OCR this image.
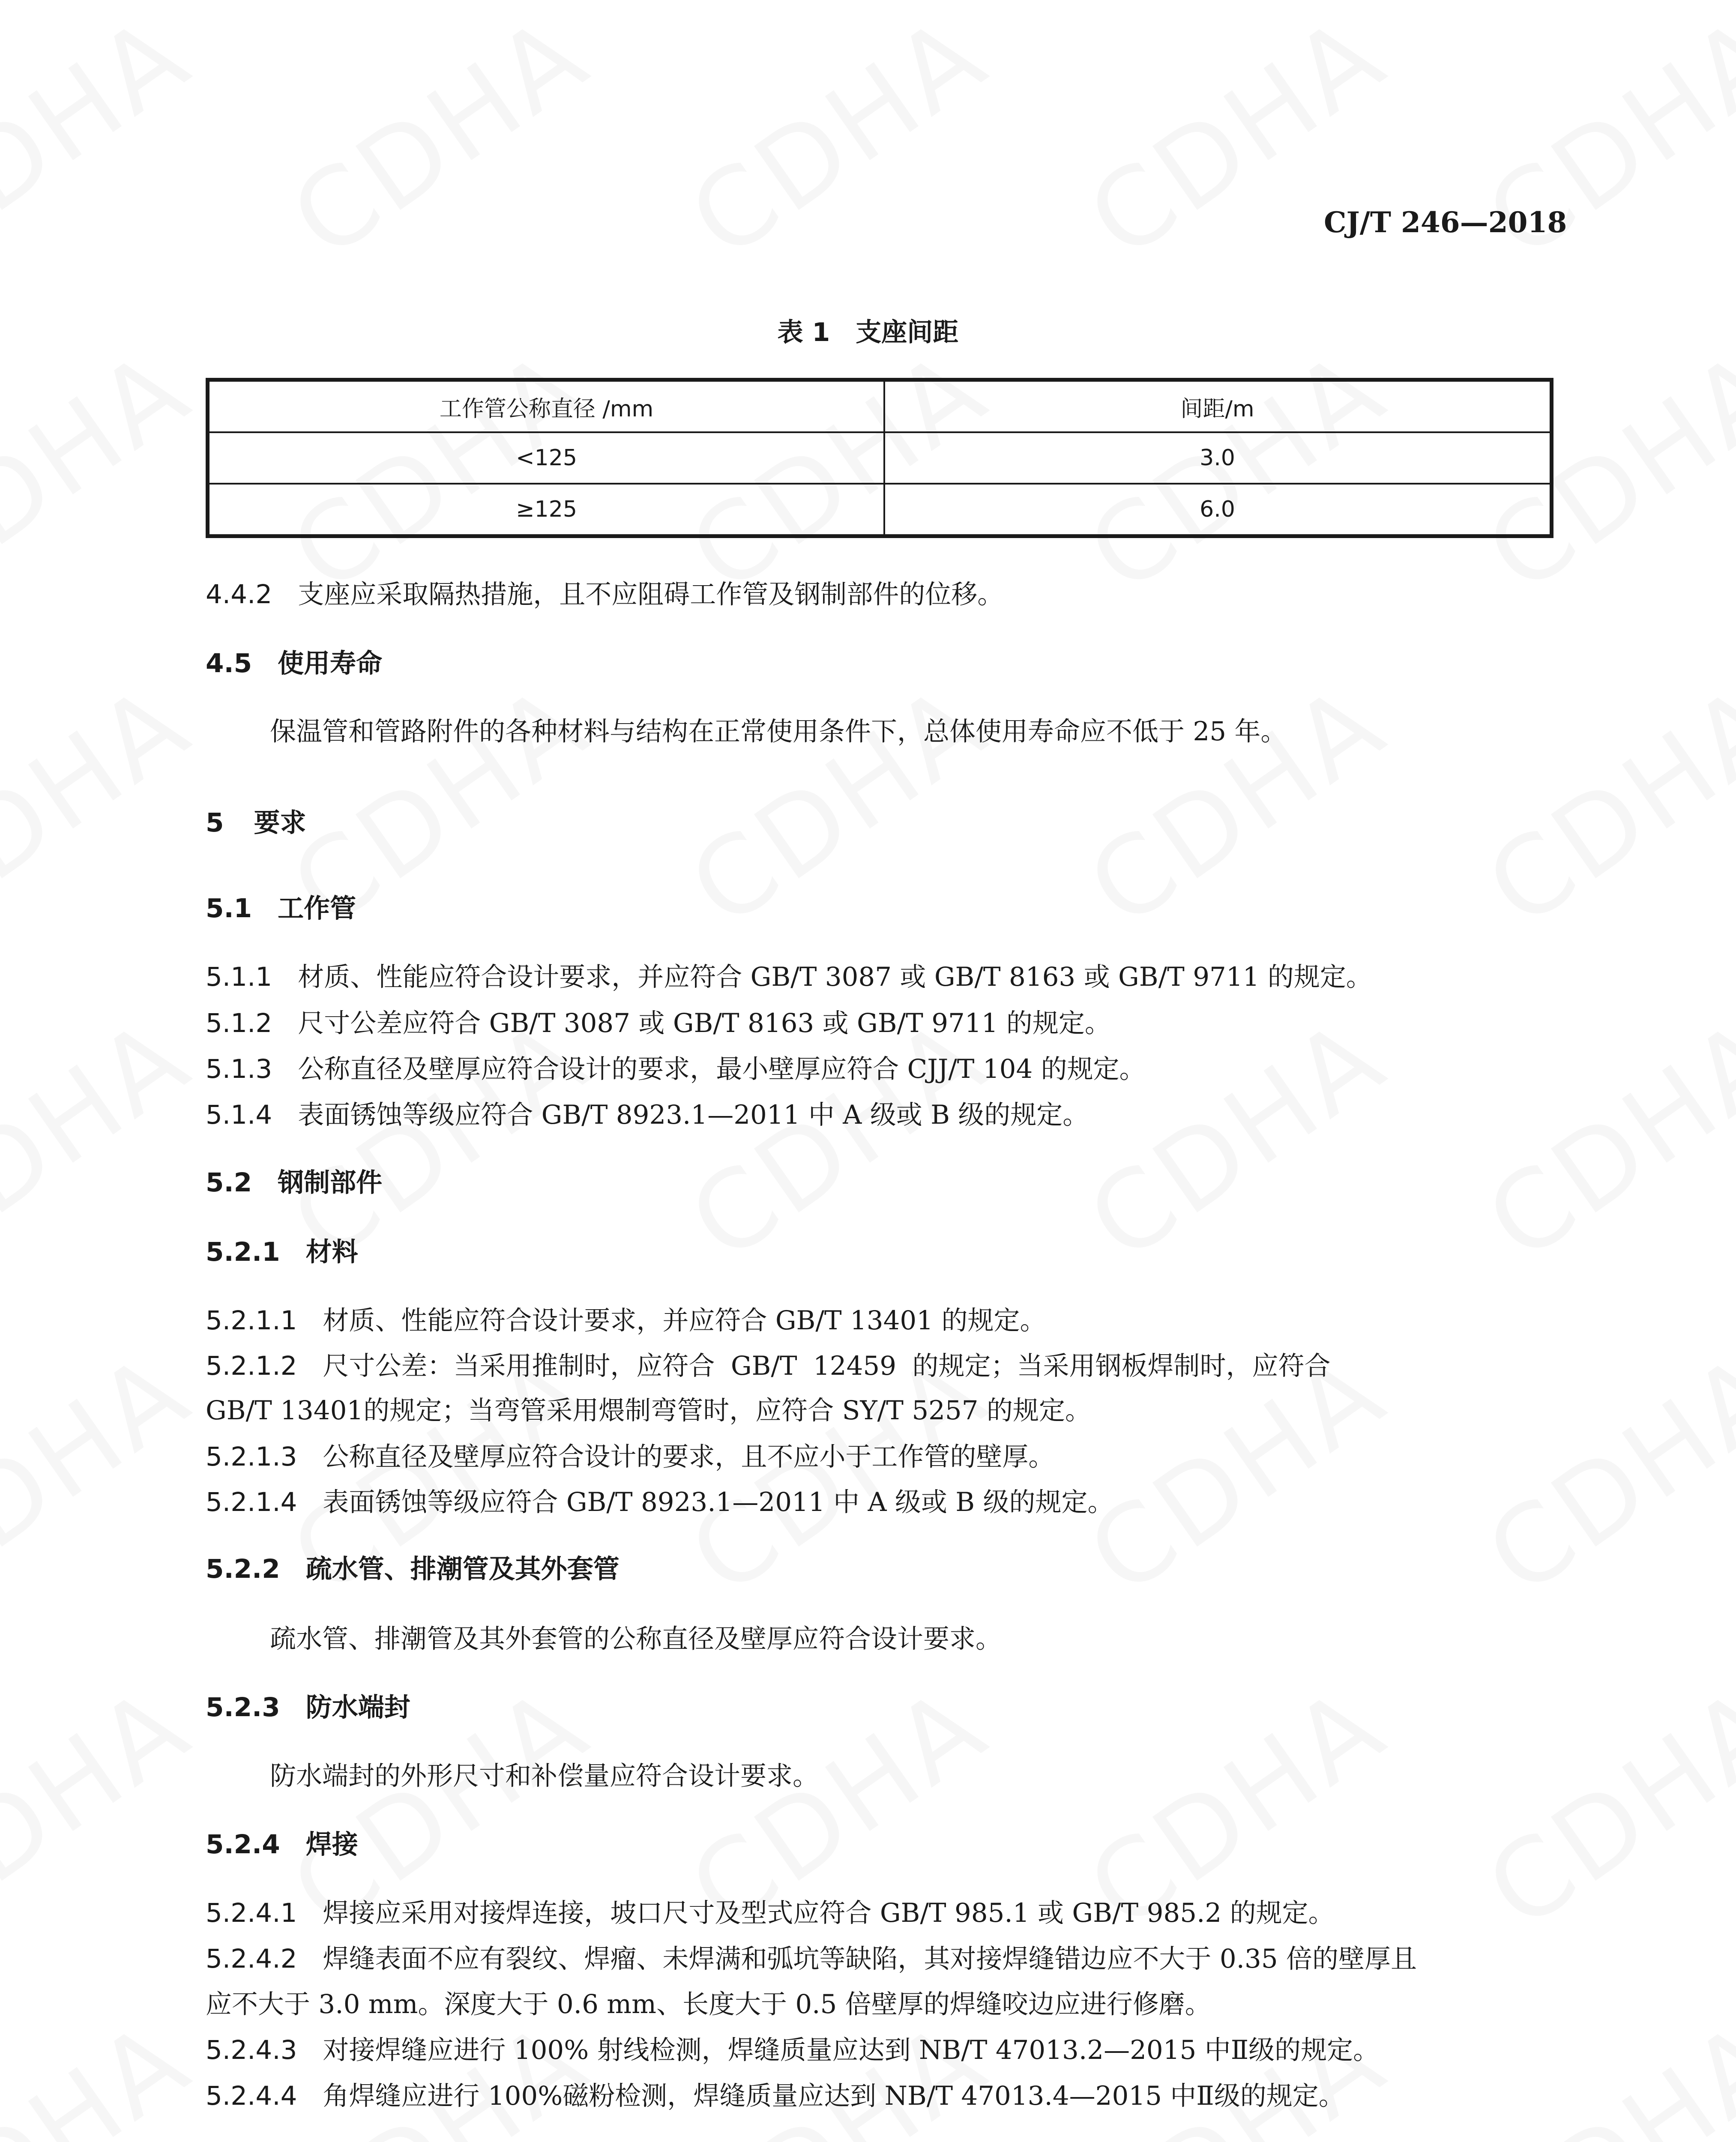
CJ/T 246—2018
表 1　支座间距
工作管公称直径 /mm	间距/m
<125	3.0
≥125	6.0
4.4.2 支座应采取隔热措施，且不应阻碍工作管及钢制部件的位移。
4.5 使用寿命
保温管和管路附件的各种材料与结构在正常使用条件下，总体使用寿命应不低于 25 年。
5 要求
5.1 工作管
5.1.1 材质、性能应符合设计要求，并应符合 GB/T 3087 或 GB/T 8163 或 GB/T 9711 的规定。
5.1.2 尺寸公差应符合 GB/T 3087 或 GB/T 8163 或 GB/T 9711 的规定。
5.1.3 公称直径及壁厚应符合设计的要求，最小壁厚应符合 CJJ/T 104 的规定。
5.1.4 表面锈蚀等级应符合 GB/T 8923.1—2011 中 A 级或 B 级的规定。
5.2 钢制部件
5.2.1 材料
5.2.1.1 材质、性能应符合设计要求，并应符合 GB/T 13401 的规定。
5.2.1.2 尺寸公差：当采用推制时，应符合 GB/T 12459 的规定；当采用钢板焊制时，应符合
GB/T 13401的规定；当弯管采用煨制弯管时，应符合 SY/T 5257 的规定。
5.2.1.3 公称直径及壁厚应符合设计的要求，且不应小于工作管的壁厚。
5.2.1.4 表面锈蚀等级应符合 GB/T 8923.1—2011 中 A 级或 B 级的规定。
5.2.2 疏水管、排潮管及其外套管
疏水管、排潮管及其外套管的公称直径及壁厚应符合设计要求。
5.2.3 防水端封
防水端封的外形尺寸和补偿量应符合设计要求。
5.2.4 焊接
5.2.4.1 焊接应采用对接焊连接，坡口尺寸及型式应符合 GB/T 985.1 或 GB/T 985.2 的规定。
5.2.4.2 焊缝表面不应有裂纹、焊瘤、未焊满和弧坑等缺陷，其对接焊缝错边应不大于 0.35 倍的壁厚且
应不大于 3.0 mm。深度大于 0.6 mm、长度大于 0.5 倍壁厚的焊缝咬边应进行修磨。
5.2.4.3 对接焊缝应进行 100% 射线检测，焊缝质量应达到 NB/T 47013.2—2015 中Ⅱ级的规定。
5.2.4.4 角焊缝应进行 100%磁粉检测，焊缝质量应达到 NB/T 47013.4—2015 中Ⅱ级的规定。
